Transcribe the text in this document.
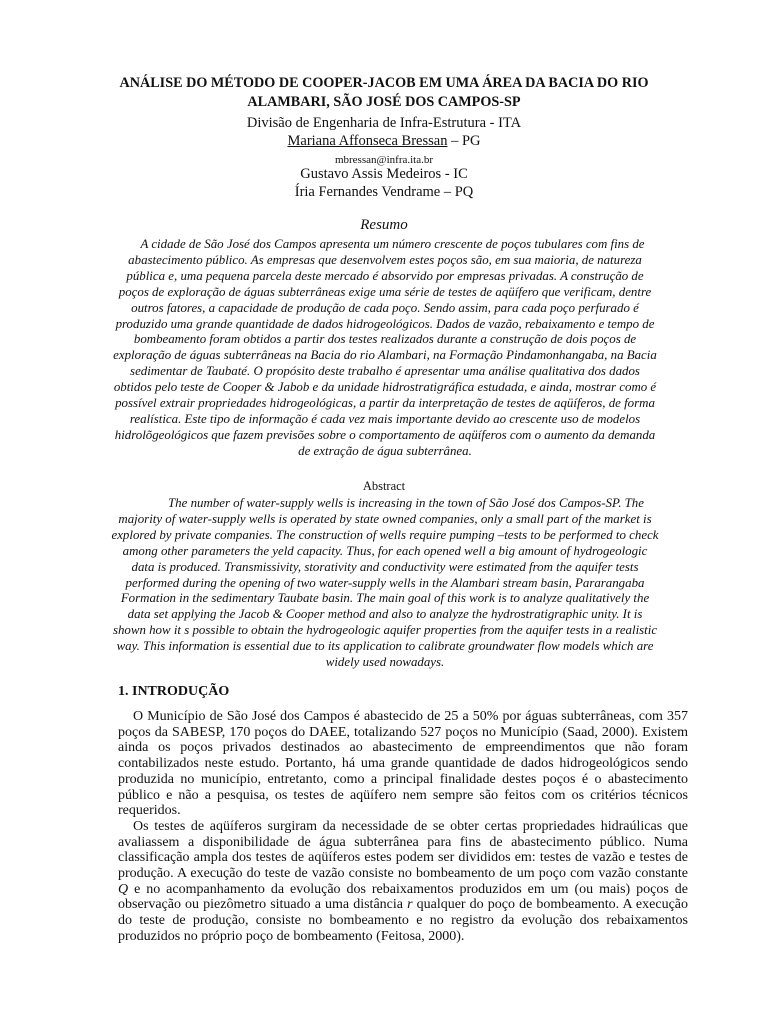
ANÁLISE DO MÉTODO DE COOPER-JACOB EM UMA ÁREA DA BACIA DO RIO ALAMBARI, SÃO JOSÉ DOS CAMPOS-SP
Divisão de Engenharia de Infra-Estrutura - ITA
Mariana Affonseca Bressan – PG
mbressan@infra.ita.br
Gustavo Assis Medeiros - IC
Íria Fernandes Vendrame – PQ
Resumo
A cidade de São José dos Campos apresenta um número crescente de poços tubulares com fins de abastecimento público. As empresas que desenvolvem estes poços são, em sua maioria, de natureza pública e, uma pequena parcela deste mercado é absorvido por empresas privadas. A construção de poços de exploração de águas subterrâneas exige uma série de testes de aqüífero que verificam, dentre outros fatores, a capacidade de produção de cada poço. Sendo assim, para cada poço perfurado é produzido uma grande quantidade de dados hidrogeológicos. Dados de vazão, rebaixamento e tempo de bombeamento foram obtidos a partir dos testes realizados durante a construção de dois poços de exploração de águas subterrâneas na Bacia do rio Alambari, na Formação Pindamonhangaba, na Bacia sedimentar de Taubaté. O propósito deste trabalho é apresentar uma análise qualitativa dos dados obtidos pelo teste de Cooper & Jabob e da unidade hidrostratigráfica estudada, e ainda, mostrar como é possível extrair propriedades hidrogeológicas, a partir da interpretação de testes de aqüíferos, de forma realística. Este tipo de informação é cada vez mais importante devido ao crescente uso de modelos hidrolõgeológicos que fazem previsões sobre o comportamento de aqüíferos com o aumento da demanda de extração de água subterrânea.
Abstract
The number of water-supply wells is increasing in the town of São José dos Campos-SP. The majority of water-supply wells is operated by state owned companies, only a small part of the market is explored by private companies. The construction of wells require pumping –tests to be performed to check among other parameters the yeld capacity. Thus, for each opened well a big amount of hydrogeologic data is produced. Transmissivity, storativity and conductivity were estimated from the aquifer tests performed during the opening of two water-supply wells in the Alambari stream basin, Pararangaba Formation in the sedimentary Taubate basin. The main goal of this work is to analyze qualitatively the data set applying the Jacob & Cooper method and also to analyze the hydrostratigraphic unity. It is shown how it s possible to obtain the hydrogeologic aquifer properties from the aquifer tests in a realistic way. This information is essential due to its application to calibrate groundwater flow models which are widely used nowadays.
1. INTRODUÇÃO

O Município de São José dos Campos é abastecido de 25 a 50% por águas subterrâneas, com 357 poços da SABESP, 170 poços do DAEE, totalizando 527 poços no Município (Saad, 2000). Existem ainda os poços privados destinados ao abastecimento de empreendimentos que não foram contabilizados neste estudo. Portanto, há uma grande quantidade de dados hidrogeológicos sendo produzida no município, entretanto, como a principal finalidade destes poços é o abastecimento público e não a pesquisa, os testes de aqüífero nem sempre são feitos com os critérios técnicos requeridos.

Os testes de aqüíferos surgiram da necessidade de se obter certas propriedades hidraúlicas que avaliassem a disponibilidade de água subterrânea para fins de abastecimento público. Numa classificação ampla dos testes de aqüíferos estes podem ser divididos em: testes de vazão e testes de produção. A execução do teste de vazão consiste no bombeamento de um poço com vazão constante Q e no acompanhamento da evolução dos rebaixamentos produzidos em um (ou mais) poços de observação ou piezômetro situado a uma distância r qualquer do poço de bombeamento. A execução do teste de produção, consiste no bombeamento e no registro da evolução dos rebaixamentos produzidos no próprio poço de bombeamento (Feitosa, 2000).
